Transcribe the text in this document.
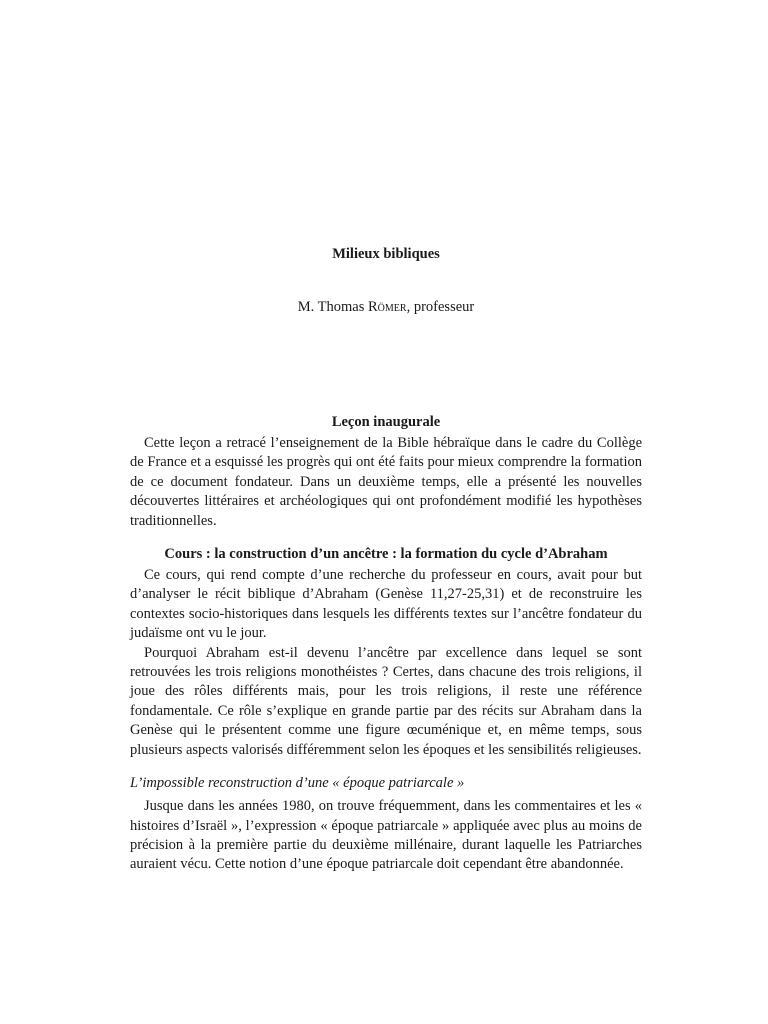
Milieux bibliques
M. Thomas Römer, professeur
Leçon inaugurale

Cette leçon a retracé l’enseignement de la Bible hébraïque dans le cadre du Collège de France et a esquissé les progrès qui ont été faits pour mieux comprendre la formation de ce document fondateur. Dans un deuxième temps, elle a présenté les nouvelles découvertes littéraires et archéologiques qui ont profondément modifié les hypothèses traditionnelles.

Cours : la construction d’un ancêtre : la formation du cycle d’Abraham

Ce cours, qui rend compte d’une recherche du professeur en cours, avait pour but d’analyser le récit biblique d’Abraham (Genèse 11,27-25,31) et de reconstruire les contextes socio-historiques dans lesquels les différents textes sur l’ancêtre fondateur du judaïsme ont vu le jour.

Pourquoi Abraham est-il devenu l’ancêtre par excellence dans lequel se sont retrouvées les trois religions monothéistes ? Certes, dans chacune des trois religions, il joue des rôles différents mais, pour les trois religions, il reste une référence fondamentale. Ce rôle s’explique en grande partie par des récits sur Abraham dans la Genèse qui le présentent comme une figure œcuménique et, en même temps, sous plusieurs aspects valorisés différemment selon les époques et les sensibilités religieuses.

L’impossible reconstruction d’une « époque patriarcale »

Jusque dans les années 1980, on trouve fréquemment, dans les commentaires et les « histoires d’Israël », l’expression « époque patriarcale » appliquée avec plus au moins de précision à la première partie du deuxième millénaire, durant laquelle les Patriarches auraient vécu. Cette notion d’une époque patriarcale doit cependant être abandonnée.
